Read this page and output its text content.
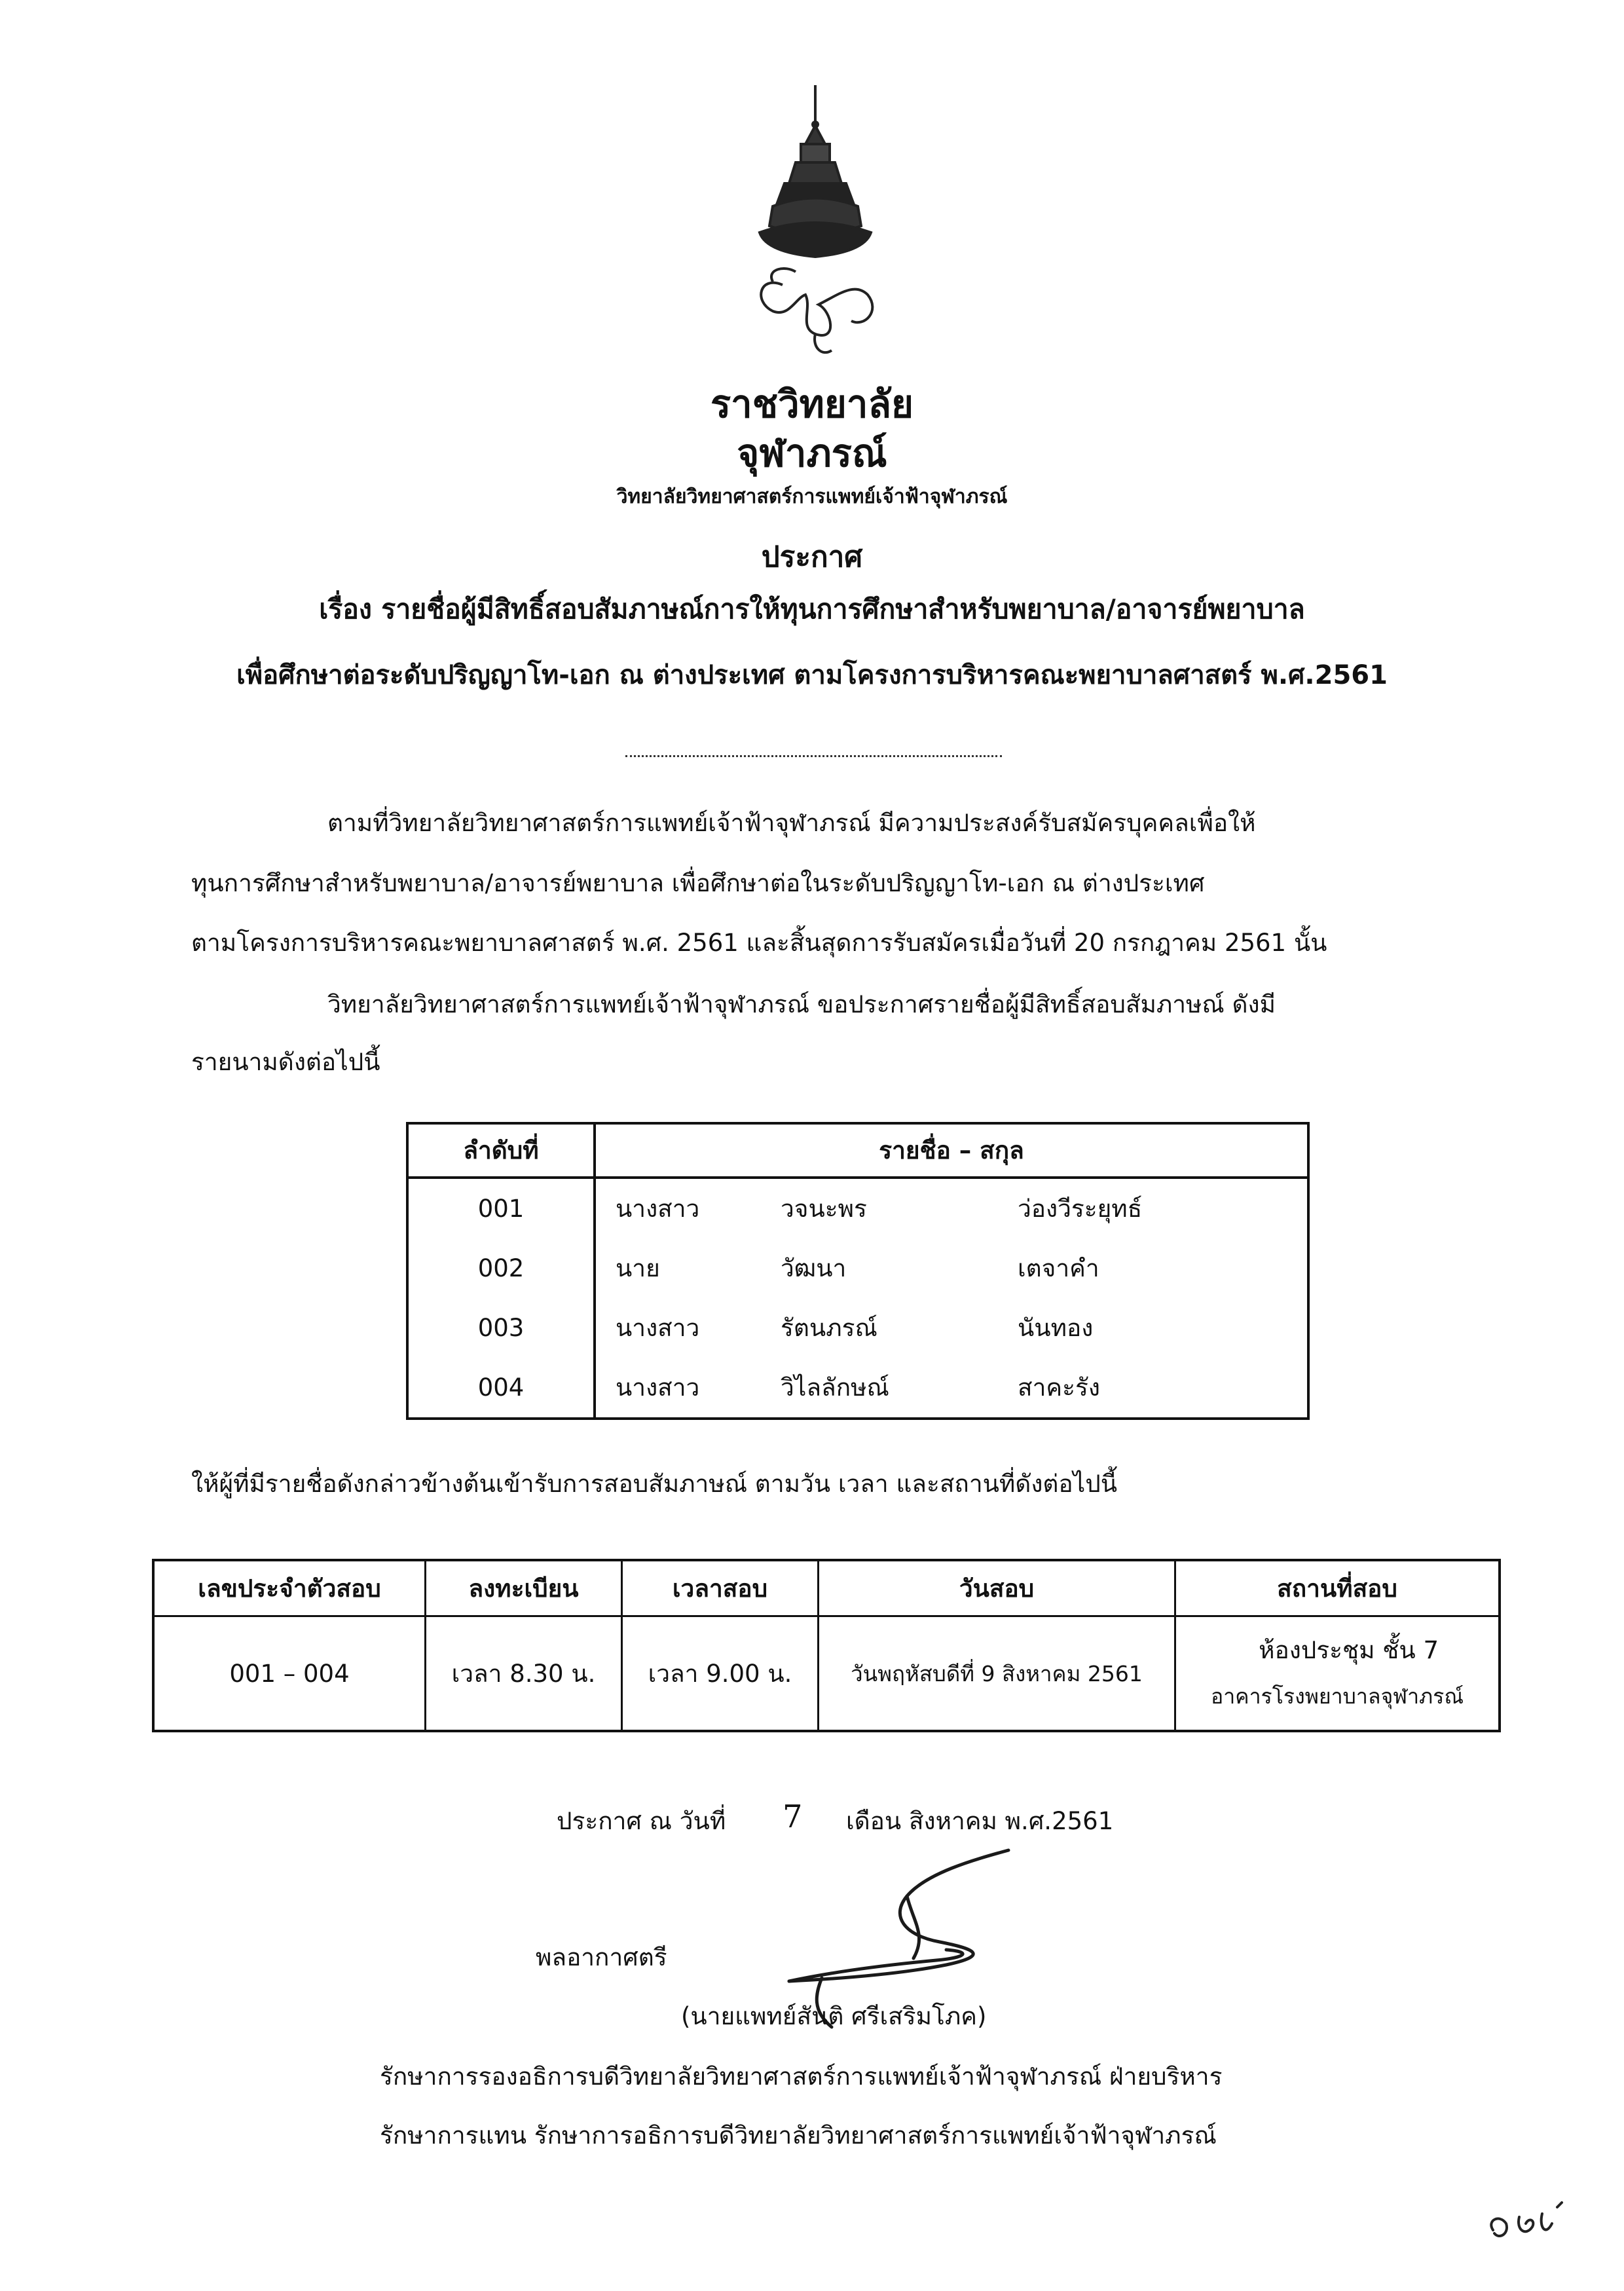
ราชวิทยาลัย
จุฬาภรณ์
วิทยาลัยวิทยาศาสตร์การแพทย์เจ้าฟ้าจุฬาภรณ์
ประกาศ
เรื่อง รายชื่อผู้มีสิทธิ์สอบสัมภาษณ์การให้ทุนการศึกษาสำหรับพยาบาล/อาจารย์พยาบาล
เพื่อศึกษาต่อระดับปริญญาโท-เอก ณ ต่างประเทศ ตามโครงการบริหารคณะพยาบาลศาสตร์ พ.ศ.2561
ตามที่วิทยาลัยวิทยาศาสตร์การแพทย์เจ้าฟ้าจุฬาภรณ์ มีความประสงค์รับสมัครบุคคลเพื่อให้
ทุนการศึกษาสำหรับพยาบาล/อาจารย์พยาบาล เพื่อศึกษาต่อในระดับปริญญาโท-เอก ณ ต่างประเทศ
ตามโครงการบริหารคณะพยาบาลศาสตร์ พ.ศ. 2561 และสิ้นสุดการรับสมัครเมื่อวันที่ 20 กรกฎาคม 2561 นั้น
วิทยาลัยวิทยาศาสตร์การแพทย์เจ้าฟ้าจุฬาภรณ์ ขอประกาศรายชื่อผู้มีสิทธิ์สอบสัมภาษณ์ ดังมี
รายนามดังต่อไปนี้
ลำดับที่	รายชื่อ – สกุล		
001	นางสาว	วจนะพร	ว่องวีระยุทธ์
002	นาย	วัฒนา	เตจาคำ
003	นางสาว	รัตนภรณ์	นันทอง
004	นางสาว	วิไลลักษณ์	สาคะรัง
ให้ผู้ที่มีรายชื่อดังกล่าวข้างต้นเข้ารับการสอบสัมภาษณ์ ตามวัน เวลา และสถานที่ดังต่อไปนี้
เลขประจำตัวสอบ	ลงทะเบียน	เวลาสอบ	วันสอบ	สถานที่สอบ
001 – 004	เวลา 8.30 น.	เวลา 9.00 น.	วันพฤหัสบดีที่ 9 สิงหาคม 2561	ห้องประชุม ชั้น 7
อาคารโรงพยาบาลจุฬาภรณ์
ประกาศ ณ วันที่ 7 เดือน สิงหาคม พ.ศ.2561
พลอากาศตรี
(นายแพทย์สันติ ศรีเสริมโภค)
รักษาการรองอธิการบดีวิทยาลัยวิทยาศาสตร์การแพทย์เจ้าฟ้าจุฬาภรณ์ ฝ่ายบริหาร
รักษาการแทน รักษาการอธิการบดีวิทยาลัยวิทยาศาสตร์การแพทย์เจ้าฟ้าจุฬาภรณ์
